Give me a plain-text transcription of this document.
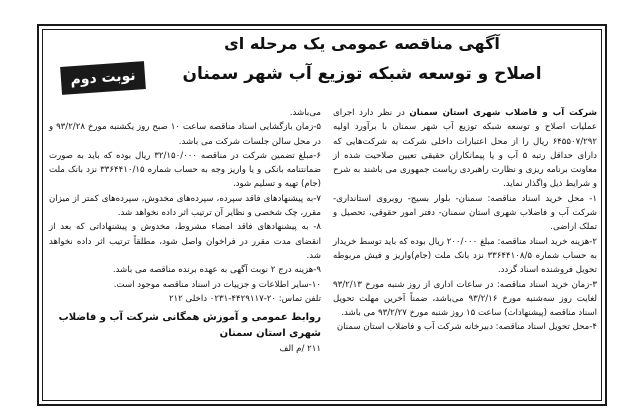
آگهی مناقصه عمومی یک مرحله ای
اصلاح و توسعه شبکه توزیع آب شهر سمنان
نوبت دوم

شرکت آب و فاضلاب شهری استان سمنان در نظر دارد اجرای عملیات اصلاح و توسعه شبکه توزیع آب شهر سمنان با برآورد اولیه ۶۴۵۵۰۷/۲۹۲ ریال را از محل اعتبارات داخلی شرکت به شرکت‌هایی که دارای حداقل رتبه ۵ آب و یا پیمانکاران حقیقی تعیین صلاحیت شده از معاونت برنامه ریزی و نظارت راهبردی ریاست جمهوری می باشند به شرح و شرایط ذیل واگذار نماید.

۱- محل خرید اسناد مناقصه: سمنان- بلوار بسیج- روبروی استانداری- شرکت آب و فاضلاب شهری استان سمنان- دفتر امور حقوقی، تحصیل و تملک اراضی.

۲-هزینه خرید اسناد مناقصه: مبلغ ۲۰۰/۰۰۰ ریال بوده که باید توسط خریدار به حساب شماره ۳۳۶۴۴۱۰۸/۵ نزد بانک ملت (جام)واریز و فیش مربوطه تحویل فروشنده اسناد گردد.

۳-زمان خرید اسناد مناقصه: در ساعات اداری از روز شنبه مورخ ۹۳/۲/۱۳ لغایت روز سه‌شنبه مورخ ۹۳/۲/۱۶ می‌باشد، ضمناً آخرین مهلت تحویل اسناد مناقصه (پیشنهادات) ساعت ۱۵ روز شنبه مورخ ۹۳/۲/۲۷ می باشد.

۴-محل تحویل اسناد مناقصه: دبیرخانه شرکت آب و فاضلاب استان سمنان

می‌باشد.

۵-زمان بازگشایی اسناد مناقصه ساعت ۱۰ صبح روز یکشنبه مورخ ۹۳/۲/۲۸ و در محل سالن جلسات شرکت می باشد.

۶-مبلغ تضمین شرکت در مناقصه ۳۲/۱۵۰/۰۰۰ ریال بوده که باید به صورت ضمانتنامه بانکی و یا واریز وجه به حساب شماره ۳۳۶۴۴۱۰/۱۵ نزد بانک ملت (جام) تهیه و تسلیم شود.

۷-به پیشنهادهای فاقد سپرده، سپرده‌های مخدوش، سپرده‌های کمتر از میزان مقرر، چک شخصی و نظایر آن ترتیب اثر داده نخواهد شد.

۸- به پیشنهادهای فاقد امضاء مشروط، مخدوش و پیشنهاداتی که بعد از انقضای مدت مقرر در فراخوان واصل شود، مطلقاً ترتیب اثر داده نخواهد شد.

۹-هزینه درج ۲ نوبت آگهی به عهده برنده مناقصه می باشد.

۱۰-سایر اطلاعات و جزییات در اسناد مناقصه موجود است.

تلفن تماس: ۲۰-۴۴۲۹۱۱۷-۰۲۳۱ داخلی ۲۱۲

روابط عمومی و آموزش همگانی شرکت آب و فاضلاب
شهری استان سمنان

۲۱۱ /م الف
